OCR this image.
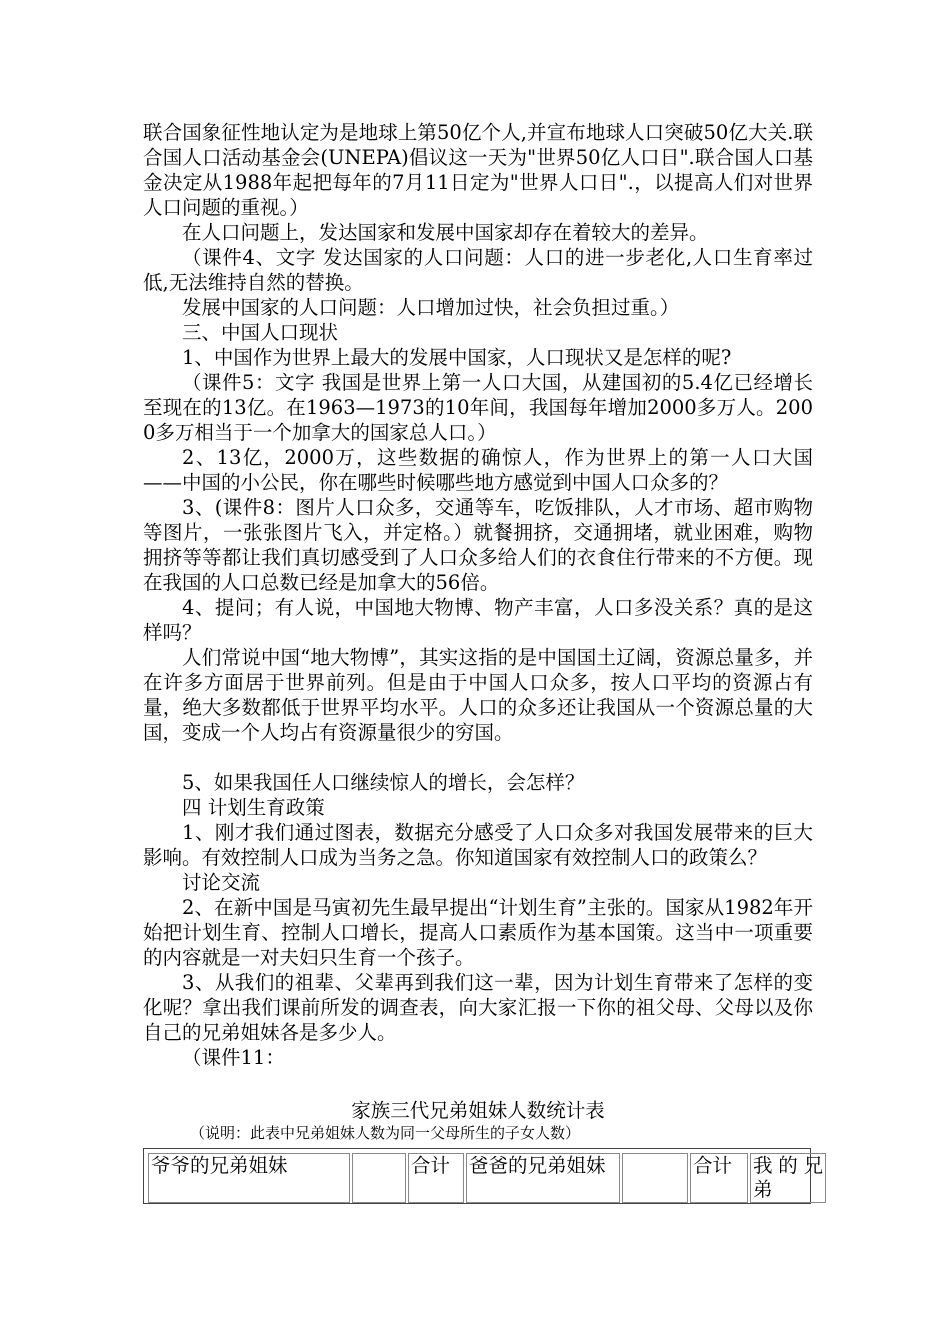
联合国象征性地认定为是地球上第50亿个人,并宣布地球人口突破50亿大关.联合国人口活动基金会(UNEPA)倡议这一天为"世界50亿人口日".联合国人口基金决定从1988年起把每年的7月11日定为"世界人口日".，以提高人们对世界人口问题的重视。）

在人口问题上，发达国家和发展中国家却存在着较大的差异。

（课件4、文字 发达国家的人口问题：人口的进一步老化,人口生育率过低,无法维持自然的替换。

发展中国家的人口问题：人口增加过快，社会负担过重。）

三、中国人口现状

1、中国作为世界上最大的发展中国家，人口现状又是怎样的呢?

（课件5：文字 我国是世界上第一人口大国，从建国初的5.4亿已经增长至现在的13亿。在1963—1973的10年间，我国每年增加2000多万人。2000多万相当于一个加拿大的国家总人口。）

2、13亿，2000万，这些数据的确惊人，作为世界上的第一人口大国——中国的小公民，你在哪些时候哪些地方感觉到中国人口众多的？

3、(课件8：图片人口众多，交通等车，吃饭排队，人才市场、超市购物等图片，一张张图片飞入，并定格。）就餐拥挤，交通拥堵，就业困难，购物拥挤等等都让我们真切感受到了人口众多给人们的衣食住行带来的不方便。现在我国的人口总数已经是加拿大的56倍。

4、提问；有人说，中国地大物博、物产丰富，人口多没关系？真的是这样吗？

人们常说中国“地大物博”，其实这指的是中国国土辽阔，资源总量多，并在许多方面居于世界前列。但是由于中国人口众多，按人口平均的资源占有量，绝大多数都低于世界平均水平。人口的众多还让我国从一个资源总量的大国，变成一个人均占有资源量很少的穷国。

5、如果我国任人口继续惊人的增长，会怎样？

四 计划生育政策

1、刚才我们通过图表，数据充分感受了人口众多对我国发展带来的巨大影响。有效控制人口成为当务之急。你知道国家有效控制人口的政策么？

讨论交流

2、在新中国是马寅初先生最早提出“计划生育”主张的。国家从1982年开始把计划生育、控制人口增长，提高人口素质作为基本国策。这当中一项重要的内容就是一对夫妇只生育一个孩子。

3、从我们的祖辈、父辈再到我们这一辈，因为计划生育带来了怎样的变化呢？拿出我们课前所发的调查表，向大家汇报一下你的祖父母、父母以及你自己的兄弟姐妹各是多少人。

（课件11：

家族三代兄弟姐妹人数统计表
（说明：此表中兄弟姐妹人数为同一父母所生的子女人数）
爷爷的兄弟姐妹		合计	爸爸的兄弟姐妹		合计	我的兄弟
